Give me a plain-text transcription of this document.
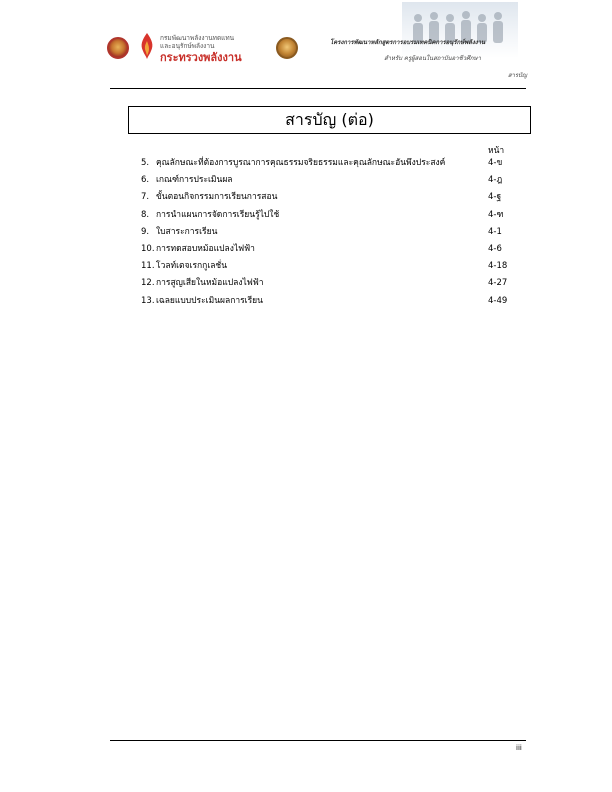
กรมพัฒนาพลังงานทดแทน
และอนุรักษ์พลังงาน
กระทรวงพลังงาน
โครงการพัฒนาหลักสูตรการอบรมเทคนิคการอนุรักษ์พลังงาน
สำหรับ ครูผู้สอนในสถาบันอาชีวศึกษา
สารบัญ
สารบัญ (ต่อ)
หน้า
5. คุณลักษณะที่ต้องการบูรณาการคุณธรรมจริยธรรมและคุณลักษณะอันพึงประสงค์	4-ข
6. เกณฑ์การประเมินผล	4-ฎ
7. ขั้นตอนกิจกรรมการเรียนการสอน	4-ฐ
8. การนำแผนการจัดการเรียนรู้ไปใช้	4-ฑ
9. ใบสาระการเรียน	4-1
10. การทดสอบหม้อแปลงไฟฟ้า	4-6
11. โวลท์เตจเรกกูเลชั่น	4-18
12. การสูญเสียในหม้อแปลงไฟฟ้า	4-27
13. เฉลยแบบประเมินผลการเรียน	4-49
iii
